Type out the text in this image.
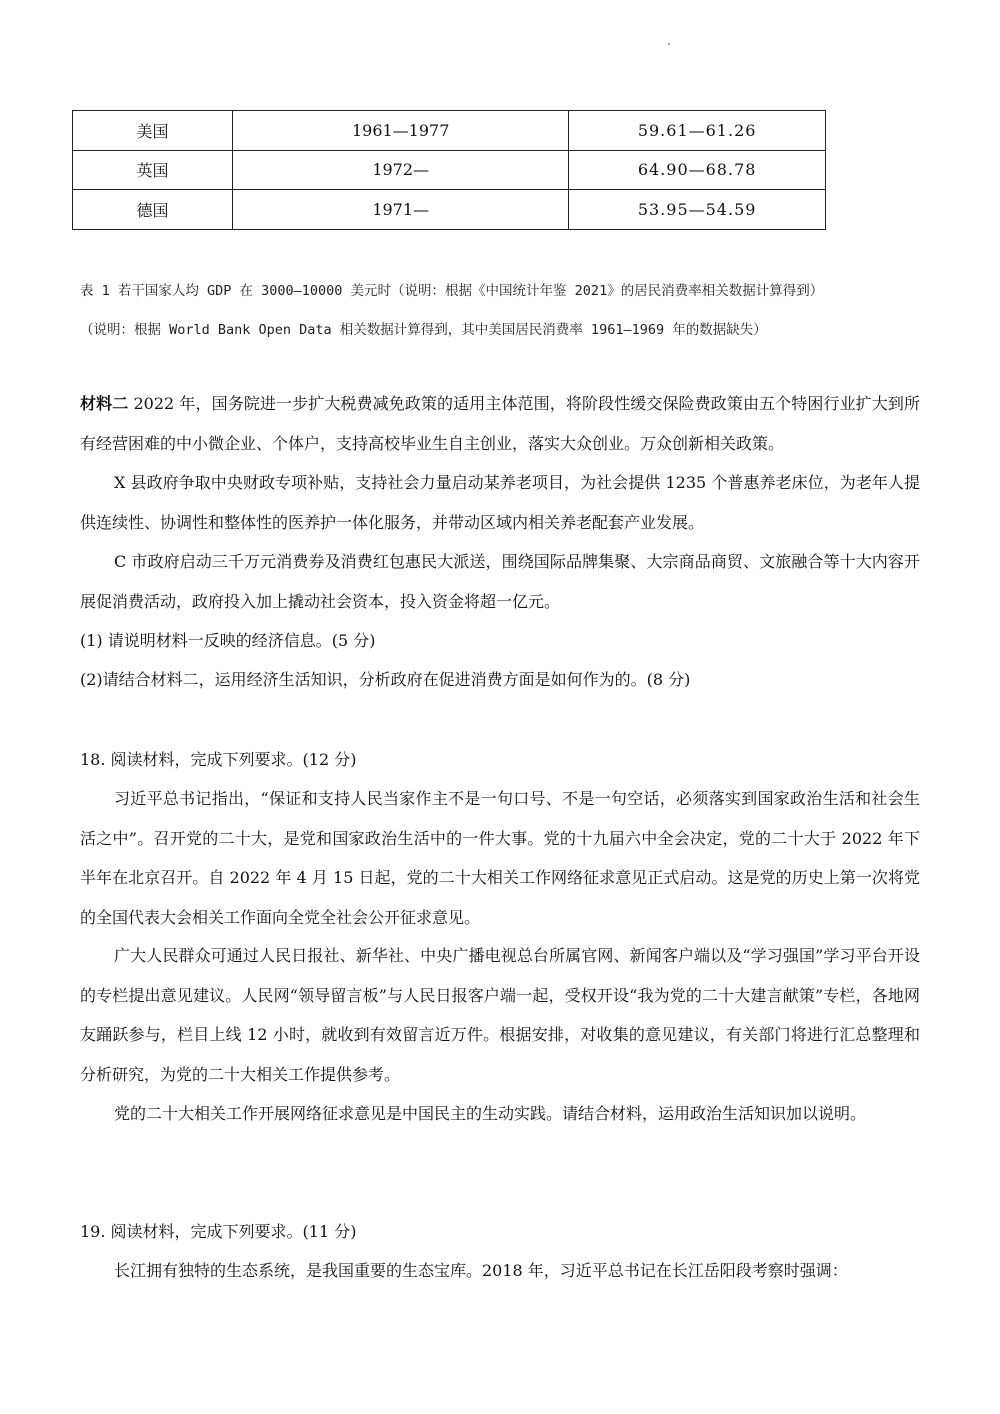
美国	1961—1977	59.61—61.26
英国	1972—	64.90—68.78
德国	1971—	53.95—54.59
表 1 若干国家人均 GDP 在 3000—10000 美元时（说明：根据《中国统计年鉴 2021》的居民消费率相关数据计算得到）
（说明：根据 World Bank Open Data 相关数据计算得到，其中美国居民消费率 1961—1969 年的数据缺失）
材料二 2022 年，国务院进一步扩大税费减免政策的适用主体范围，将阶段性缓交保险费政策由五个特困行业扩大到所有经营困难的中小微企业、个体户，支持高校毕业生自主创业，落实大众创业。万众创新相关政策。
X 县政府争取中央财政专项补贴，支持社会力量启动某养老项目，为社会提供 1235 个普惠养老床位，为老年人提供连续性、协调性和整体性的医养护一体化服务，并带动区域内相关养老配套产业发展。
C 市政府启动三千万元消费券及消费红包惠民大派送，围绕国际品牌集聚、大宗商品商贸、文旅融合等十大内容开展促消费活动，政府投入加上撬动社会资本，投入资金将超一亿元。
(1) 请说明材料一反映的经济信息。(5 分)
(2)请结合材料二，运用经济生活知识，分析政府在促进消费方面是如何作为的。(8 分)
18. 阅读材料，完成下列要求。(12 分)
习近平总书记指出，“保证和支持人民当家作主不是一句口号、不是一句空话，必须落实到国家政治生活和社会生活之中”。召开党的二十大，是党和国家政治生活中的一件大事。党的十九届六中全会决定，党的二十大于 2022 年下半年在北京召开。自 2022 年 4 月 15 日起，党的二十大相关工作网络征求意见正式启动。这是党的历史上第一次将党的全国代表大会相关工作面向全党全社会公开征求意见。
广大人民群众可通过人民日报社、新华社、中央广播电视总台所属官网、新闻客户端以及“学习强国”学习平台开设的专栏提出意见建议。人民网“领导留言板”与人民日报客户端一起，受权开设“我为党的二十大建言献策”专栏，各地网友踊跃参与，栏目上线 12 小时，就收到有效留言近万件。根据安排，对收集的意见建议，有关部门将进行汇总整理和分析研究，为党的二十大相关工作提供参考。
党的二十大相关工作开展网络征求意见是中国民主的生动实践。请结合材料，运用政治生活知识加以说明。
19. 阅读材料，完成下列要求。(11 分)
长江拥有独特的生态系统，是我国重要的生态宝库。2018 年，习近平总书记在长江岳阳段考察时强调：
